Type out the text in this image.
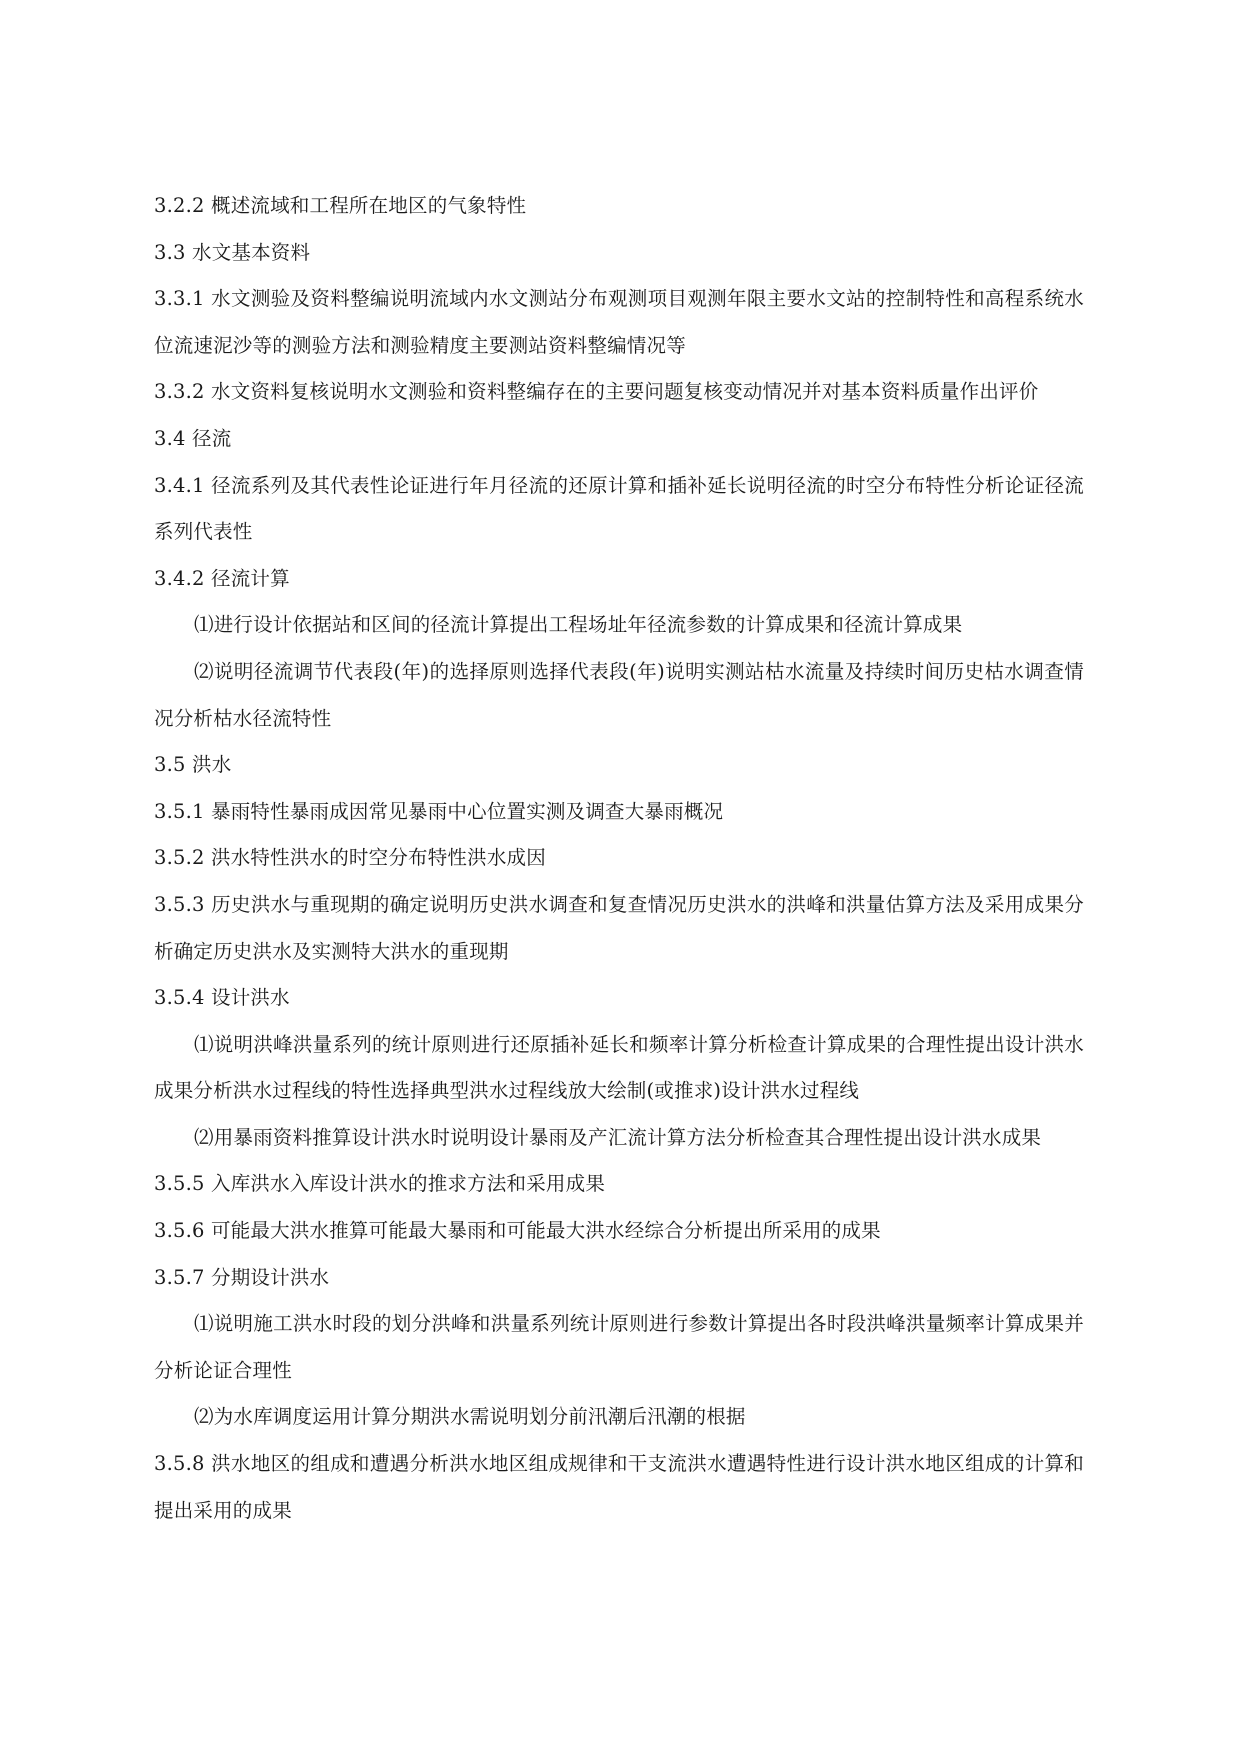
3.2.2 概述流域和工程所在地区的气象特性

3.3 水文基本资料

3.3.1 水文测验及资料整编说明流域内水文测站分布观测项目观测年限主要水文站的控制特性和高程系统水位流速泥沙等的测验方法和测验精度主要测站资料整编情况等

3.3.2 水文资料复核说明水文测验和资料整编存在的主要问题复核变动情况并对基本资料质量作出评价

3.4 径流

3.4.1 径流系列及其代表性论证进行年月径流的还原计算和插补延长说明径流的时空分布特性分析论证径流系列代表性

3.4.2 径流计算

⑴进行设计依据站和区间的径流计算提出工程场址年径流参数的计算成果和径流计算成果

⑵说明径流调节代表段(年)的选择原则选择代表段(年)说明实测站枯水流量及持续时间历史枯水调查情况分析枯水径流特性

3.5 洪水

3.5.1 暴雨特性暴雨成因常见暴雨中心位置实测及调查大暴雨概况

3.5.2 洪水特性洪水的时空分布特性洪水成因

3.5.3 历史洪水与重现期的确定说明历史洪水调查和复查情况历史洪水的洪峰和洪量估算方法及采用成果分析确定历史洪水及实测特大洪水的重现期

3.5.4 设计洪水

⑴说明洪峰洪量系列的统计原则进行还原插补延长和频率计算分析检查计算成果的合理性提出设计洪水成果分析洪水过程线的特性选择典型洪水过程线放大绘制(或推求)设计洪水过程线

⑵用暴雨资料推算设计洪水时说明设计暴雨及产汇流计算方法分析检查其合理性提出设计洪水成果

3.5.5 入库洪水入库设计洪水的推求方法和采用成果

3.5.6 可能最大洪水推算可能最大暴雨和可能最大洪水经综合分析提出所采用的成果

3.5.7 分期设计洪水

⑴说明施工洪水时段的划分洪峰和洪量系列统计原则进行参数计算提出各时段洪峰洪量频率计算成果并分析论证合理性

⑵为水库调度运用计算分期洪水需说明划分前汛潮后汛潮的根据

3.5.8 洪水地区的组成和遭遇分析洪水地区组成规律和干支流洪水遭遇特性进行设计洪水地区组成的计算和提出采用的成果
